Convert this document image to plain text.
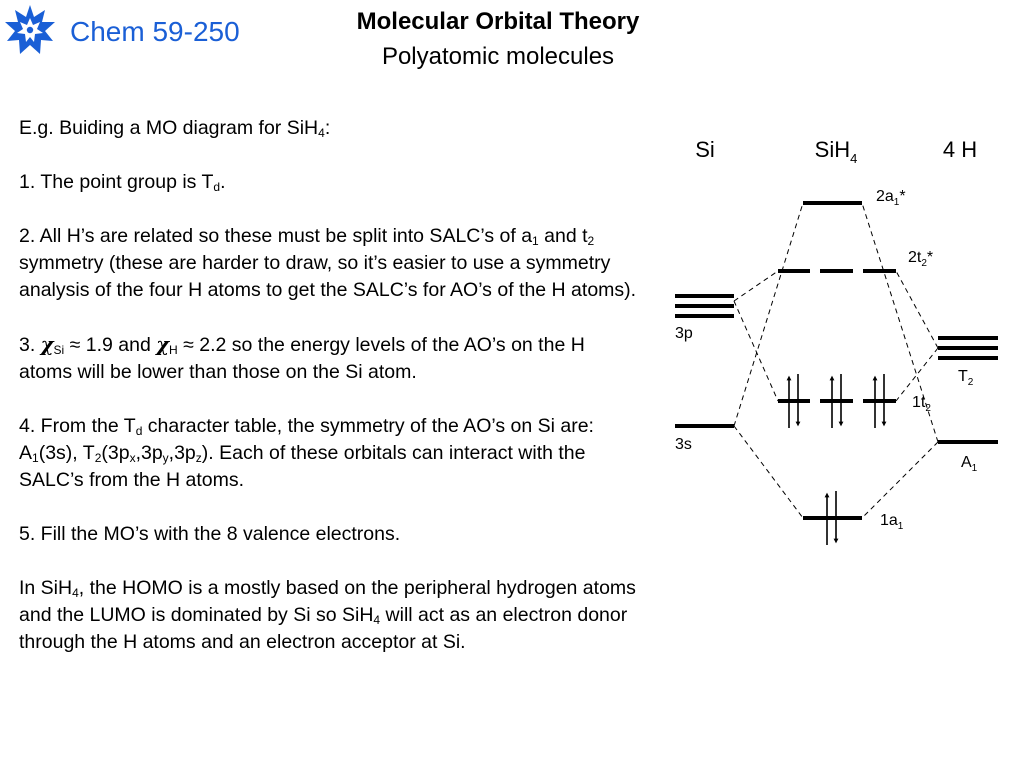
Chem 59-250	Molecular Orbital Theory
Polyatomic molecules

E.g. Buiding a MO diagram for SiH$_4$:

1. The point group is $T_d$.

2. All H’s are related so these must be split into SALC’s of $a_1$ and $t_2$ symmetry (these are harder to draw, so it’s easier to use a symmetry analysis of the four H atoms to get the SALC’s for AO’s of the H atoms).

3. $\chi_{Si} \approx 1.9$ and $\chi_H \approx 2.2$ so the energy levels of the AO’s on the H atoms will be lower than those on the Si atom.

4. From the $T_d$ character table, the symmetry of the AO’s on Si are: $A_1(3s)$, $T_2(3p_x,3p_y,3p_z)$. Each of these orbitals can interact with the SALC’s from the H atoms.

5. Fill the MO’s with the 8 valence electrons.

In SiH$_4$, the HOMO is a mostly based on the peripheral hydrogen atoms and the LUMO is dominated by Si so SiH$_4$ will act as an electron donor through the H atoms and an electron acceptor at Si.

Si	SiH$_4$	4 H
$2a_1*$
$2t_2*$
3p
$T_2$
$1t_2$
3s
$A_1$
$1a_1$
